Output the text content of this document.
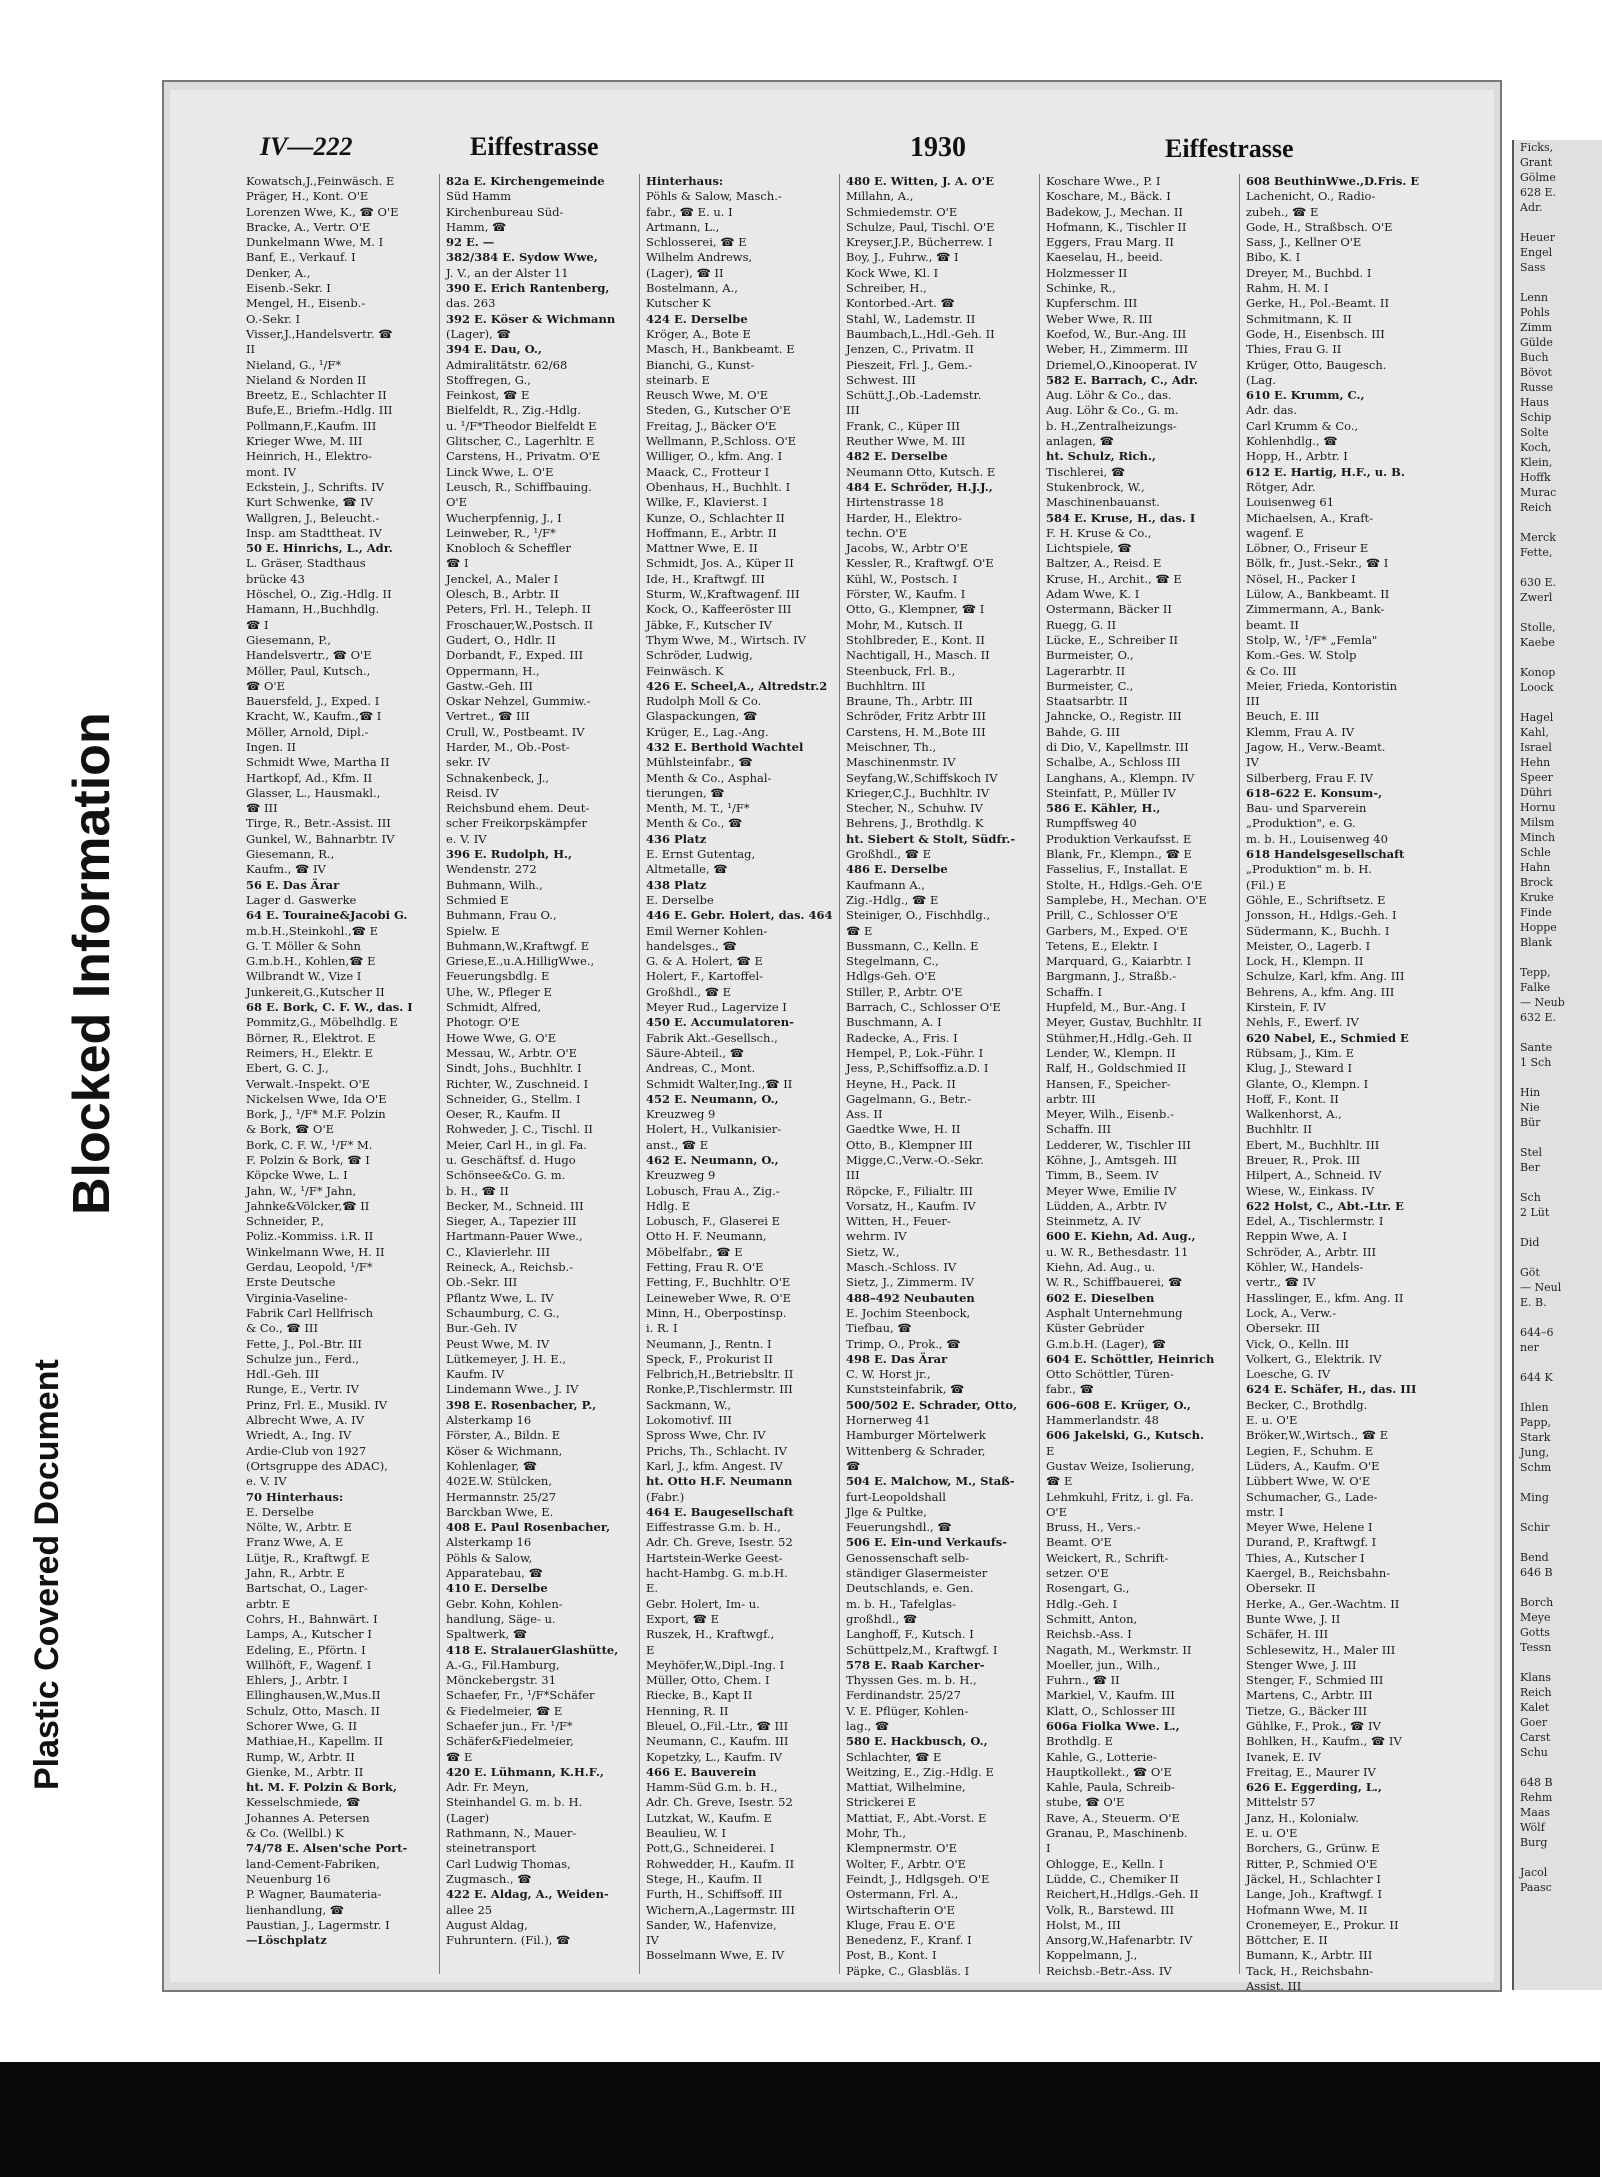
Plastic Covered Document
Blocked Information
IV—222	Eiffestrasse	1930	Eiffestrasse
Kowatsch,J.,Feinwäsch. E
Präger, H., Kont. O'E
Lorenzen Wwe, K., ☎ O'E
Bracke, A., Vertr. O'E
Dunkelmann Wwe, M. I
Banf, E., Verkauf. I
Denker, A.,
Eisenb.-Sekr. I
Mengel, H., Eisenb.-
O.-Sekr. I
Visser,J.,Handelsvertr. ☎
II
Nieland, G., ¹/F*
Nieland & Norden II
Breetz, E., Schlachter II
Bufe,E., Briefm.-Hdlg. III
Pollmann,F.,Kaufm. III
Krieger Wwe, M. III
Heinrich, H., Elektro-
mont. IV
Eckstein, J., Schrifts. IV
Kurt Schwenke, ☎ IV
Wallgren, J., Beleucht.-
Insp. am Stadttheat. IV
50 E. Hinrichs, L., Adr.
L. Gräser, Stadthaus
brücke 43
Höschel, O., Zig.-Hdlg. II
Hamann, H.,Buchhdlg.
☎ I
Giesemann, P.,
Handelsvertr., ☎ O'E
Möller, Paul, Kutsch.,
☎ O'E
Bauersfeld, J., Exped. I
Kracht, W., Kaufm.,☎ I
Möller, Arnold, Dipl.-
Ingen. II
Schmidt Wwe, Martha II
Hartkopf, Ad., Kfm. II
Glasser, L., Hausmakl.,
☎ III
Tirge, R., Betr.-Assist. III
Gunkel, W., Bahnarbtr. IV
Giesemann, R.,
Kaufm., ☎ IV
56 E. Das Ärar
Lager d. Gaswerke
64 E. Touraine&Jacobi G.
m.b.H.,Steinkohl.,☎ E
G. T. Möller & Sohn
G.m.b.H., Kohlen,☎ E
Wilbrandt W., Vize I
Junkereit,G.,Kutscher II
68 E. Bork, C. F. W., das. I
Pommitz,G., Möbelhdlg. E
Börner, R., Elektrot. E
Reimers, H., Elektr. E
Ebert, G. C. J.,
Verwalt.-Inspekt. O'E
Nickelsen Wwe, Ida O'E
Bork, J., ¹/F* M.F. Polzin
& Bork, ☎ O'E
Bork, C. F. W., ¹/F* M.
F. Polzin & Bork, ☎ I
Köpcke Wwe, L. I
Jahn, W., ¹/F* Jahn,
Jahnke&Völcker,☎ II
Schneider, P.,
Poliz.-Kommiss. i.R. II
Winkelmann Wwe, H. II
Gerdau, Leopold, ¹/F*
Erste Deutsche
Virginia-Vaseline-
Fabrik Carl Hellfrisch
& Co., ☎ III
Fette, J., Pol.-Btr. III
Schulze jun., Ferd.,
Hdl.-Geh. III
Runge, E., Vertr. IV
Prinz, Frl. E., Musikl. IV
Albrecht Wwe, A. IV
Wriedt, A., Ing. IV
Ardie-Club von 1927
(Ortsgruppe des ADAC),
e. V. IV
70 Hinterhaus:
E. Derselbe
Nölte, W., Arbtr. E
Franz Wwe, A. E
Lütje, R., Kraftwgf. E
Jahn, R., Arbtr. E
Bartschat, O., Lager-
arbtr. E
Cohrs, H., Bahnwärt. I
Lamps, A., Kutscher I
Edeling, E., Pförtn. I
Willhöft, F., Wagenf. I
Ehlers, J., Arbtr. I
Ellinghausen,W.,Mus.II
Schulz, Otto, Masch. II
Schorer Wwe, G. II
Mathiae,H., Kapellm. II
Rump, W., Arbtr. II
Gienke, M., Arbtr. II
ht. M. F. Polzin & Bork,
Kesselschmiede, ☎
Johannes A. Petersen
& Co. (Wellbl.) K
74/78 E. Alsen'sche Port-
land-Cement-Fabriken,
Neuenburg 16
P. Wagner, Baumateria-
lienhandlung, ☎
Paustian, J., Lagermstr. I
—Löschplatz
82a E. Kirchengemeinde
Süd Hamm
Kirchenbureau Süd-
Hamm, ☎
92 E. —
382/384 E. Sydow Wwe,
J. V., an der Alster 11
390 E. Erich Rantenberg,
das. 263
392 E. Köser & Wichmann
(Lager), ☎
394 E. Dau, O.,
Admiralitätstr. 62/68
Stoffregen, G.,
Feinkost, ☎ E
Bielfeldt, R., Zig.-Hdlg.
u. ¹/F*Theodor Bielfeldt E
Glitscher, C., Lagerhltr. E
Carstens, H., Privatm. O'E
Linck Wwe, L. O'E
Leusch, R., Schiffbauing.
O'E
Wucherpfennig, J., I
Leinweber, R., ¹/F*
Knobloch & Scheffler
☎ I
Jenckel, A., Maler I
Olesch, B., Arbtr. II
Peters, Frl. H., Teleph. II
Froschauer,W.,Postsch. II
Gudert, O., Hdlr. II
Dorbandt, F., Exped. III
Oppermann, H.,
Gastw.-Geh. III
Oskar Nehzel, Gummiw.-
Vertret., ☎ III
Crull, W., Postbeamt. IV
Harder, M., Ob.-Post-
sekr. IV
Schnakenbeck, J.,
Reisd. IV
Reichsbund ehem. Deut-
scher Freikorpskämpfer
e. V. IV
396 E. Rudolph, H.,
Wendenstr. 272
Buhmann, Wilh.,
Schmied E
Buhmann, Frau O.,
Spielw. E
Buhmann,W.,Kraftwgf. E
Griese,E.,u.A.HilligWwe.,
Feuerungsbdlg. E
Uhe, W., Pfleger E
Schmidt, Alfred,
Photogr. O'E
Howe Wwe, G. O'E
Messau, W., Arbtr. O'E
Sindt, Johs., Buchhltr. I
Richter, W., Zuschneid. I
Schneider, G., Stellm. I
Oeser, R., Kaufm. II
Rohweder, J. C., Tischl. II
Meier, Carl H., in gl. Fa.
u. Geschäftsf. d. Hugo
Schönsee&Co. G. m.
b. H., ☎ II
Becker, M., Schneid. III
Sieger, A., Tapezier III
Hartmann-Pauer Wwe.,
C., Klavierlehr. III
Reineck, A., Reichsb.-
Ob.-Sekr. III
Pflantz Wwe, L. IV
Schaumburg, C. G.,
Bur.-Geh. IV
Peust Wwe, M. IV
Lütkemeyer, J. H. E.,
Kaufm. IV
Lindemann Wwe., J. IV
398 E. Rosenbacher, P.,
Alsterkamp 16
Förster, A., Bildn. E
Köser & Wichmann,
Kohlenlager, ☎
402E.W. Stülcken,
Hermannstr. 25/27
Barckban Wwe, E.
408 E. Paul Rosenbacher,
Alsterkamp 16
Pöhls & Salow,
Apparatebau, ☎
410 E. Derselbe
Gebr. Kohn, Kohlen-
handlung, Säge- u.
Spaltwerk, ☎
418 E. StralauerGlashütte,
A.-G., Fil.Hamburg,
Mönckebergstr. 31
Schaefer, Fr., ¹/F*Schäfer
& Fiedelmeier, ☎ E
Schaefer jun., Fr. ¹/F*
Schäfer&Fiedelmeier,
☎ E
420 E. Lühmann, K.H.F.,
Adr. Fr. Meyn,
Steinhandel G. m. b. H.
(Lager)
Rathmann, N., Mauer-
steinetransport
Carl Ludwig Thomas,
Zugmasch., ☎
422 E. Aldag, A., Weiden-
allee 25
August Aldag,
Fuhruntern. (Fil.), ☎
Hinterhaus:
Pöhls & Salow, Masch.-
fabr., ☎ E. u. I
Artmann, L.,
Schlosserei, ☎ E
Wilhelm Andrews,
(Lager), ☎ II
Bostelmann, A.,
Kutscher K
424 E. Derselbe
Kröger, A., Bote E
Masch, H., Bankbeamt. E
Bianchi, G., Kunst-
steinarb. E
Reusch Wwe, M. O'E
Steden, G., Kutscher O'E
Freitag, J., Bäcker O'E
Wellmann, P.,Schloss. O'E
Williger, O., kfm. Ang. I
Maack, C., Frotteur I
Obenhaus, H., Buchhlt. I
Wilke, F., Klavierst. I
Kunze, O., Schlachter II
Hoffmann, E., Arbtr. II
Mattner Wwe, E. II
Schmidt, Jos. A., Küper II
Ide, H., Kraftwgf. III
Sturm, W.,Kraftwagenf. III
Kock, O., Kaffeeröster III
Jäbke, F., Kutscher IV
Thym Wwe, M., Wirtsch. IV
Schröder, Ludwig,
Feinwäsch. K
426 E. Scheel,A., Altredstr.2
Rudolph Moll & Co.
Glaspackungen, ☎
Krüger, E., Lag.-Ang.
432 E. Berthold Wachtel
Mühlsteinfabr., ☎
Menth & Co., Asphal-
tierungen, ☎
Menth, M. T., ¹/F*
Menth & Co., ☎
436 Platz
E. Ernst Gutentag,
Altmetalle, ☎
438 Platz
E. Derselbe
446 E. Gebr. Holert, das. 464
Emil Werner Kohlen-
handelsges., ☎
G. & A. Holert, ☎ E
Holert, F., Kartoffel-
Großhdl., ☎ E
Meyer Rud., Lagervize I
450 E. Accumulatoren-
Fabrik Akt.-Gesellsch.,
Säure-Abteil., ☎
Andreas, C., Mont.
Schmidt Walter,Ing.,☎ II
452 E. Neumann, O.,
Kreuzweg 9
Holert, H., Vulkanisier-
anst., ☎ E
462 E. Neumann, O.,
Kreuzweg 9
Lobusch, Frau A., Zig.-
Hdlg. E
Lobusch, F., Glaserei E
Otto H. F. Neumann,
Möbelfabr., ☎ E
Fetting, Frau R. O'E
Fetting, F., Buchhltr. O'E
Leineweber Wwe, R. O'E
Minn, H., Oberpostinsp.
i. R. I
Neumann, J., Rentn. I
Speck, F., Prokurist II
Felbrich,H.,Betriebsltr. II
Ronke,P.,Tischlermstr. III
Sackmann, W.,
Lokomotivf. III
Spross Wwe, Chr. IV
Prichs, Th., Schlacht. IV
Karl, J., kfm. Angest. IV
ht. Otto H.F. Neumann
(Fabr.)
464 E. Baugesellschaft
Eiffestrasse G.m. b. H.,
Adr. Ch. Greve, Isestr. 52
Hartstein-Werke Geest-
hacht-Hambg. G. m.b.H.
E.
Gebr. Holert, Im- u.
Export, ☎ E
Ruszek, H., Kraftwgf.,
E
Meyhöfer,W.,Dipl.-Ing. I
Müller, Otto, Chem. I
Riecke, B., Kapt II
Henning, R. II
Bleuel, O.,Fil.-Ltr., ☎ III
Neumann, C., Kaufm. III
Kopetzky, L., Kaufm. IV
466 E. Bauverein
Hamm-Süd G.m. b. H.,
Adr. Ch. Greve, Isestr. 52
Lutzkat, W., Kaufm. E
Beaulieu, W. I
Pott,G., Schneiderei. I
Rohwedder, H., Kaufm. II
Stege, H., Kaufm. II
Furth, H., Schiffsoff. III
Wichern,A.,Lagermstr. III
Sander, W., Hafenvize,
IV
Bosselmann Wwe, E. IV
480 E. Witten, J. A. O'E
Millahn, A.,
Schmiedemstr. O'E
Schulze, Paul, Tischl. O'E
Kreyser,J.P., Bücherrew. I
Boy, J., Fuhrw., ☎ I
Kock Wwe, Kl. I
Schreiber, H.,
Kontorbed.-Art. ☎
Stahl, W., Lademstr. II
Baumbach,L.,Hdl.-Geh. II
Jenzen, C., Privatm. II
Pieszeit, Frl. J., Gem.-
Schwest. III
Schütt,J.,Ob.-Lademstr.
III
Frank, C., Küper III
Reuther Wwe, M. III
482 E. Derselbe
Neumann Otto, Kutsch. E
484 E. Schröder, H.J.J.,
Hirtenstrasse 18
Harder, H., Elektro-
techn. O'E
Jacobs, W., Arbtr O'E
Kessler, R., Kraftwgf. O'E
Kühl, W., Postsch. I
Förster, W., Kaufm. I
Otto, G., Klempner, ☎ I
Mohr, M., Kutsch. II
Stohlbreder, E., Kont. II
Nachtigall, H., Masch. II
Steenbuck, Frl. B.,
Buchhltrn. III
Braune, Th., Arbtr. III
Schröder, Fritz Arbtr III
Carstens, H. M.,Bote III
Meischner, Th.,
Maschinenmstr. IV
Seyfang,W.,Schiffskoch IV
Krieger,C.J., Buchhltr. IV
Stecher, N., Schuhw. IV
Behrens, J., Brothdlg. K
ht. Siebert & Stolt, Südfr.-
Großhdl., ☎ E
486 E. Derselbe
Kaufmann A.,
Zig.-Hdlg., ☎ E
Steiniger, O., Fischhdlg.,
☎ E
Bussmann, C., Kelln. E
Stegelmann, C.,
Hdlgs-Geh. O'E
Stiller, P., Arbtr. O'E
Barrach, C., Schlosser O'E
Buschmann, A. I
Radecke, A., Fris. I
Hempel, P., Lok.-Führ. I
Jess, P.,Schiffsoffiz.a.D. I
Heyne, H., Pack. II
Gagelmann, G., Betr.-
Ass. II
Gaedtke Wwe, H. II
Otto, B., Klempner III
Migge,C.,Verw.-O.-Sekr.
III
Röpcke, F., Filialtr. III
Vorsatz, H., Kaufm. IV
Witten, H., Feuer-
wehrm. IV
Sietz, W.,
Masch.-Schloss. IV
Sietz, J., Zimmerm. IV
488–492 Neubauten
E. Jochim Steenbock,
Tiefbau, ☎
Trimp, O., Prok., ☎
498 E. Das Ärar
C. W. Horst jr.,
Kunststeinfabrik, ☎
500/502 E. Schrader, Otto,
Hornerweg 41
Hamburger Mörtelwerk
Wittenberg & Schrader,
☎
504 E. Malchow, M., Staß-
furt-Leopoldshall
Jlge & Pultke,
Feuerungshdl., ☎
506 E. Ein-und Verkaufs-
Genossenschaft selb-
ständiger Glasermeister
Deutschlands, e. Gen.
m. b. H., Tafelglas-
großhdl., ☎
Langhoff, F., Kutsch. I
Schüttpelz,M., Kraftwgf. I
578 E. Raab Karcher-
Thyssen Ges. m. b. H.,
Ferdinandstr. 25/27
V. E. Pflüger, Kohlen-
lag., ☎
580 E. Hackbusch, O.,
Schlachter, ☎ E
Weitzing, E., Zig.-Hdlg. E
Mattiat, Wilhelmine,
Strickerei E
Mattiat, F., Abt.-Vorst. E
Mohr, Th.,
Klempnermstr. O'E
Wolter, F., Arbtr. O'E
Feindt, J., Hdlgsgeh. O'E
Ostermann, Frl. A.,
Wirtschafterin O'E
Kluge, Frau E. O'E
Benedenz, F., Kranf. I
Post, B., Kont. I
Päpke, C., Glasbläs. I
Koschare Wwe., P. I
Koschare, M., Bäck. I
Badekow, J., Mechan. II
Hofmann, K., Tischler II
Eggers, Frau Marg. II
Kaeselau, H., beeid.
Holzmesser II
Schinke, R.,
Kupferschm. III
Weber Wwe, R. III
Koefod, W., Bur.-Ang. III
Weber, H., Zimmerm. III
Driemel,O.,Kinooperat. IV
582 E. Barrach, C., Adr.
Aug. Löhr & Co., das.
Aug. Löhr & Co., G. m.
b. H.,Zentralheizungs-
anlagen, ☎
ht. Schulz, Rich.,
Tischlerei, ☎
Stukenbrock, W.,
Maschinenbauanst.
584 E. Kruse, H., das. I
F. H. Kruse & Co.,
Lichtspiele, ☎
Baltzer, A., Reisd. E
Kruse, H., Archit., ☎ E
Adam Wwe, K. I
Ostermann, Bäcker II
Ruegg, G. II
Lücke, E., Schreiber II
Burmeister, O.,
Lagerarbtr. II
Burmeister, C.,
Staatsarbtr. II
Jahncke, O., Registr. III
Bahde, G. III
di Dio, V., Kapellmstr. III
Schalbe, A., Schloss III
Langhans, A., Klempn. IV
Steinfatt, P., Müller IV
586 E. Kähler, H.,
Rumpffsweg 40
Produktion Verkaufsst. E
Blank, Fr., Klempn., ☎ E
Fasselius, F., Installat. E
Stolte, H., Hdlgs.-Geh. O'E
Samplebe, H., Mechan. O'E
Prill, C., Schlosser O'E
Garbers, M., Exped. O'E
Tetens, E., Elektr. I
Marquard, G., Kaiarbtr. I
Bargmann, J., Straßb.-
Schaffn. I
Hupfeld, M., Bur.-Ang. I
Meyer, Gustav, Buchhltr. II
Stühmer,H.,Hdlg.-Geh. II
Lender, W., Klempn. II
Ralf, H., Goldschmied II
Hansen, F., Speicher-
arbtr. III
Meyer, Wilh., Eisenb.-
Schaffn. III
Ledderer, W., Tischler III
Köhne, J., Amtsgeh. III
Timm, B., Seem. IV
Meyer Wwe, Emilie IV
Lüdden, A., Arbtr. IV
Steinmetz, A. IV
600 E. Kiehn, Ad. Aug.,
u. W. R., Bethesdastr. 11
Kiehn, Ad. Aug., u.
W. R., Schiffbauerei, ☎
602 E. Dieselben
Asphalt Unternehmung
Küster Gebrüder
G.m.b.H. (Lager), ☎
604 E. Schöttler, Heinrich
Otto Schöttler, Türen-
fabr., ☎
606–608 E. Krüger, O.,
Hammerlandstr. 48
606 Jakelski, G., Kutsch.
E
Gustav Weize, Isolierung,
☎ E
Lehmkuhl, Fritz, i. gl. Fa.
O'E
Bruss, H., Vers.-
Beamt. O'E
Weickert, R., Schrift-
setzer. O'E
Rosengart, G.,
Hdlg.-Geh. I
Schmitt, Anton,
Reichsb.-Ass. I
Nagath, M., Werkmstr. II
Moeller, jun., Wilh.,
Fuhrn., ☎ II
Markiel, V., Kaufm. III
Klatt, O., Schlosser III
606a Fiolka Wwe. L.,
Brothdlg. E
Kahle, G., Lotterie-
Hauptkollekt., ☎ O'E
Kahle, Paula, Schreib-
stube, ☎ O'E
Rave, A., Steuerm. O'E
Granau, P., Maschinenb.
I
Ohlogge, E., Kelln. I
Lüdde, C., Chemiker II
Reichert,H.,Hdlgs.-Geh. II
Volk, R., Barstewd. III
Holst, M., III
Ansorg,W.,Hafenarbtr. IV
Koppelmann, J.,
Reichsb.-Betr.-Ass. IV
608 BeuthinWwe.,D.Fris. E
Lachenicht, O., Radio-
zubeh., ☎ E
Gode, H., Straßbsch. O'E
Sass, J., Kellner O'E
Bibo, K. I
Dreyer, M., Buchbd. I
Rahm, H. M. I
Gerke, H., Pol.-Beamt. II
Schmitmann, K. II
Gode, H., Eisenbsch. III
Thies, Frau G. II
Krüger, Otto, Baugesch.
(Lag.
610 E. Krumm, C.,
Adr. das.
Carl Krumm & Co.,
Kohlenhdlg., ☎
Hopp, H., Arbtr. I
612 E. Hartig, H.F., u. B.
Rötger, Adr.
Louisenweg 61
Michaelsen, A., Kraft-
wagenf. E
Löbner, O., Friseur E
Bölk, fr., Just.-Sekr., ☎ I
Nösel, H., Packer I
Lülow, A., Bankbeamt. II
Zimmermann, A., Bank-
beamt. II
Stolp, W., ¹/F* „Femla"
Kom.-Ges. W. Stolp
& Co. III
Meier, Frieda, Kontoristin
III
Beuch, E. III
Klemm, Frau A. IV
Jagow, H., Verw.-Beamt.
IV
Silberberg, Frau F. IV
618–622 E. Konsum-,
Bau- und Sparverein
„Produktion", e. G.
m. b. H., Louisenweg 40
618 Handelsgesellschaft
„Produktion" m. b. H.
(Fil.) E
Göhle, E., Schriftsetz. E
Jonsson, H., Hdlgs.-Geh. I
Südermann, K., Buchh. I
Meister, O., Lagerb. I
Lock, H., Klempn. II
Schulze, Karl, kfm. Ang. III
Behrens, A., kfm. Ang. III
Kirstein, F. IV
Nehls, F., Ewerf. IV
620 Nabel, E., Schmied E
Rübsam, J., Kim. E
Klug, J., Steward I
Glante, O., Klempn. I
Hoff, F., Kont. II
Walkenhorst, A.,
Buchhltr. II
Ebert, M., Buchhltr. III
Breuer, R., Prok. III
Hilpert, A., Schneid. IV
Wiese, W., Einkass. IV
622 Holst, C., Abt.-Ltr. E
Edel, A., Tischlermstr. I
Reppin Wwe, A. I
Schröder, A., Arbtr. III
Köhler, W., Handels-
vertr., ☎ IV
Hasslinger, E., kfm. Ang. II
Lock, A., Verw.-
Obersekr. III
Vick, O., Kelln. III
Volkert, G., Elektrik. IV
Loesche, G. IV
624 E. Schäfer, H., das. III
Becker, C., Brothdlg.
E. u. O'E
Bröker,W.,Wirtsch., ☎ E
Legien, F., Schuhm. E
Lüders, A., Kaufm. O'E
Lübbert Wwe, W. O'E
Schumacher, G., Lade-
mstr. I
Meyer Wwe, Helene I
Durand, P., Kraftwgf. I
Thies, A., Kutscher I
Kaergel, B., Reichsbahn-
Obersekr. II
Herke, A., Ger.-Wachtm. II
Bunte Wwe, J. II
Schäfer, H. III
Schlesewitz, H., Maler III
Stenger Wwe, J. III
Stenger, F., Schmied III
Martens, C., Arbtr. III
Tietze, G., Bäcker III
Gühlke, F., Prok., ☎ IV
Bohlken, H., Kaufm., ☎ IV
Ivanek, E. IV
Freitag, E., Maurer IV
626 E. Eggerding, L.,
Mittelstr 57
Janz, H., Kolonialw.
E. u. O'E
Borchers, G., Grünw. E
Ritter, P., Schmied O'E
Jäckel, H., Schlachter I
Lange, Joh., Kraftwgf. I
Hofmann Wwe, M. II
Cronemeyer, E., Prokur. II
Böttcher, E. II
Bumann, K., Arbtr. III
Tack, H., Reichsbahn-
Assist. III
Ficks,
Grant
Gölme
628 E.
Adr.

Heuer
Engel
Sass

Lenn
Pohls
Zimm
Gülde
Buch
Bövot
Russe
Haus
Schip
Solte
Koch,
Klein,
Hoffk
Murac
Reich

Merck
Fette,

630 E.
Zwerl

Stolle,
Kaebe

Konop
Loock

Hagel
Kahl,
Israel
Hehn
Speer
Dühri
Hornu
Milsm
Minch
Schle
Hahn
Brock
Kruke
Finde
Hoppe
Blank

Tepp,
Falke
— Neub
632 E.

Sante
1 Sch

Hin
Nie
Bür

Stel
Ber

Sch
2 Lüt

Did

Göt
— Neul
E. B.

644–6
ner

644 K

Ihlen
Papp,
Stark
Jung,
Schm

Ming

Schir

Bend
646 B

Borch
Meye
Gotts
Tessn

Klans
Reich
Kalet
Goer
Carst
Schu

648 B
Rehm
Maas
Wölf
Burg

Jacol
Paasc
